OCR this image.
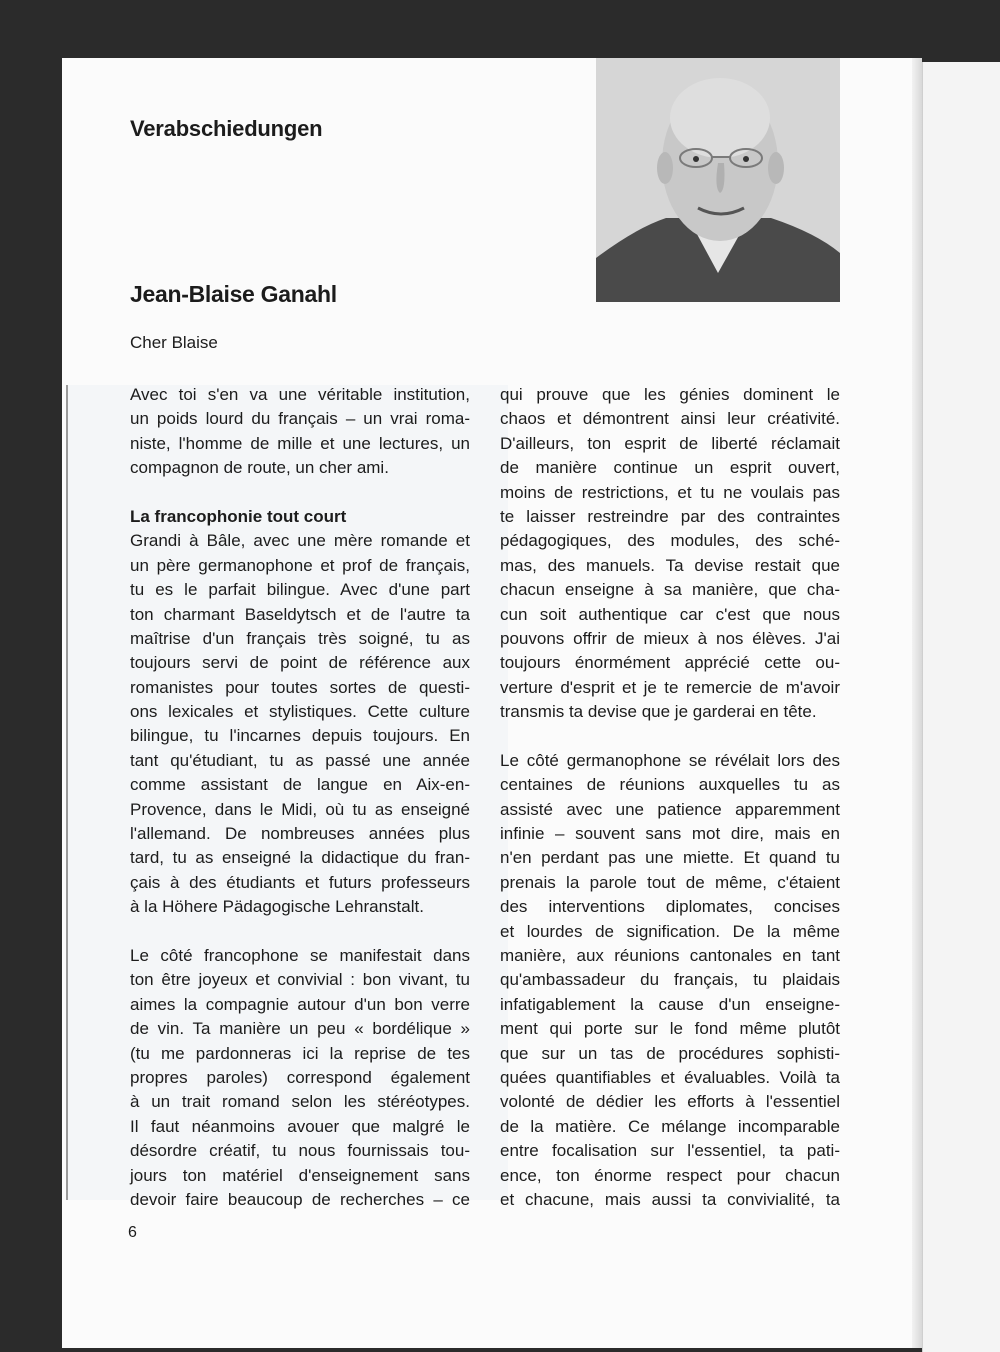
Verabschiedungen
Jean-Blaise Ganahl
Cher Blaise
Avec toi s'en va une véritable institution,
un poids lourd du français – un vrai roma-
niste, l'homme de mille et une lectures, un
compagnon de route, un cher ami.
La francophonie tout court
Grandi à Bâle, avec une mère romande et
un père germanophone et prof de français,
tu es le parfait bilingue. Avec d'une part
ton charmant Baseldytsch et de l'autre ta
maîtrise d'un français très soigné, tu as
toujours servi de point de référence aux
romanistes pour toutes sortes de questi-
ons lexicales et stylistiques. Cette culture
bilingue, tu l'incarnes depuis toujours. En
tant qu'étudiant, tu as passé une année
comme assistant de langue en Aix-en-
Provence, dans le Midi, où tu as enseigné
l'allemand. De nombreuses années plus
tard, tu as enseigné la didactique du fran-
çais à des étudiants et futurs professeurs
à la Höhere Pädagogische Lehranstalt.
Le côté francophone se manifestait dans
ton être joyeux et convivial : bon vivant, tu
aimes la compagnie autour d'un bon verre
de vin. Ta manière un peu « bordélique »
(tu me pardonneras ici la reprise de tes
propres paroles) correspond également
à un trait romand selon les stéréotypes.
Il faut néanmoins avouer que malgré le
désordre créatif, tu nous fournissais tou-
jours ton matériel d'enseignement sans
devoir faire beaucoup de recherches – ce
qui prouve que les génies dominent le
chaos et démontrent ainsi leur créativité.
D'ailleurs, ton esprit de liberté réclamait
de manière continue un esprit ouvert,
moins de restrictions, et tu ne voulais pas
te laisser restreindre par des contraintes
pédagogiques, des modules, des sché-
mas, des manuels. Ta devise restait que
chacun enseigne à sa manière, que cha-
cun soit authentique car c'est que nous
pouvons offrir de mieux à nos élèves. J'ai
toujours énormément apprécié cette ou-
verture d'esprit et je te remercie de m'avoir
transmis ta devise que je garderai en tête.
Le côté germanophone se révélait lors des
centaines de réunions auxquelles tu as
assisté avec une patience apparemment
infinie – souvent sans mot dire, mais en
n'en perdant pas une miette. Et quand tu
prenais la parole tout de même, c'étaient
des interventions diplomates, concises
et lourdes de signification. De la même
manière, aux réunions cantonales en tant
qu'ambassadeur du français, tu plaidais
infatigablement la cause d'un enseigne-
ment qui porte sur le fond même plutôt
que sur un tas de procédures sophisti-
quées quantifiables et évaluables. Voilà ta
volonté de dédier les efforts à l'essentiel
de la matière. Ce mélange incomparable
entre focalisation sur l'essentiel, ta pati-
ence, ton énorme respect pour chacun
et chacune, mais aussi ta convivialité, ta
6
